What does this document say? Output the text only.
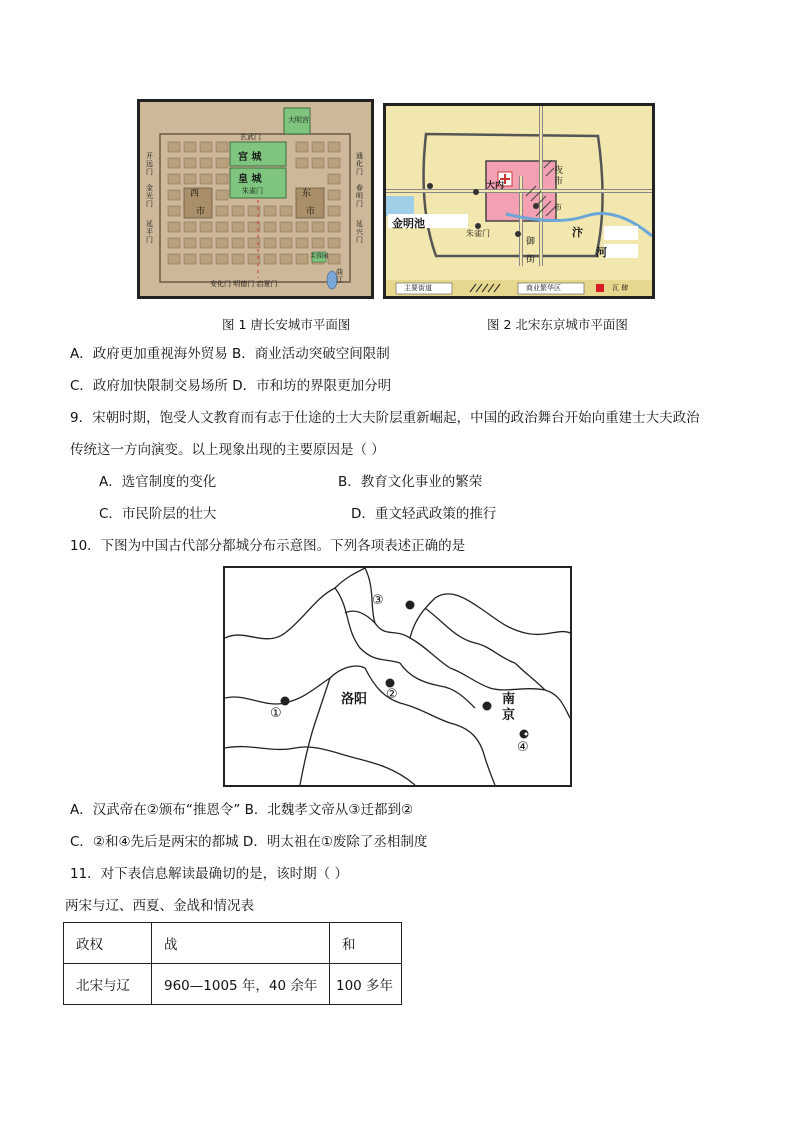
大明宫
玄武门
宫 城
皇 城
朱雀门
开远门
金光门
延平门
通化门
春明门
延兴门
西
市
东
市
芙蓉园
曲江
安化门 明德门 启夏门
大内
夜市
金明池
朱雀门
御
街
汴
河
市
主要街道	商业繁华区	瓦 肆
图 1 唐长安城市平面图	图 2 北宋东京城市平面图
A．政府更加重视海外贸易 B．商业活动突破空间限制
C．政府加快限制交易场所 D．市和坊的界限更加分明
9．宋朝时期，饱受人文教育而有志于仕途的士大夫阶层重新崛起，中国的政治舞台开始向重建士大夫政治
传统这一方向演变。以上现象出现的主要原因是（ ）
A．选官制度的变化	B．教育文化事业的繁荣
C．市民阶层的壮大	D．重文轻武政策的推行
10．下图为中国古代部分都城分布示意图。下列各项表述正确的是
③
①
洛阳 ②	南
京
④
A．汉武帝在②颁布“推恩令” B．北魏孝文帝从③迁都到②
C．②和④先后是两宋的都城 D．明太祖在①废除了丞相制度
11．对下表信息解读最确切的是，该时期（ ）
两宋与辽、西夏、金战和情况表
政权	战	和
北宋与辽	960—1005 年，40 余年	100 多年
